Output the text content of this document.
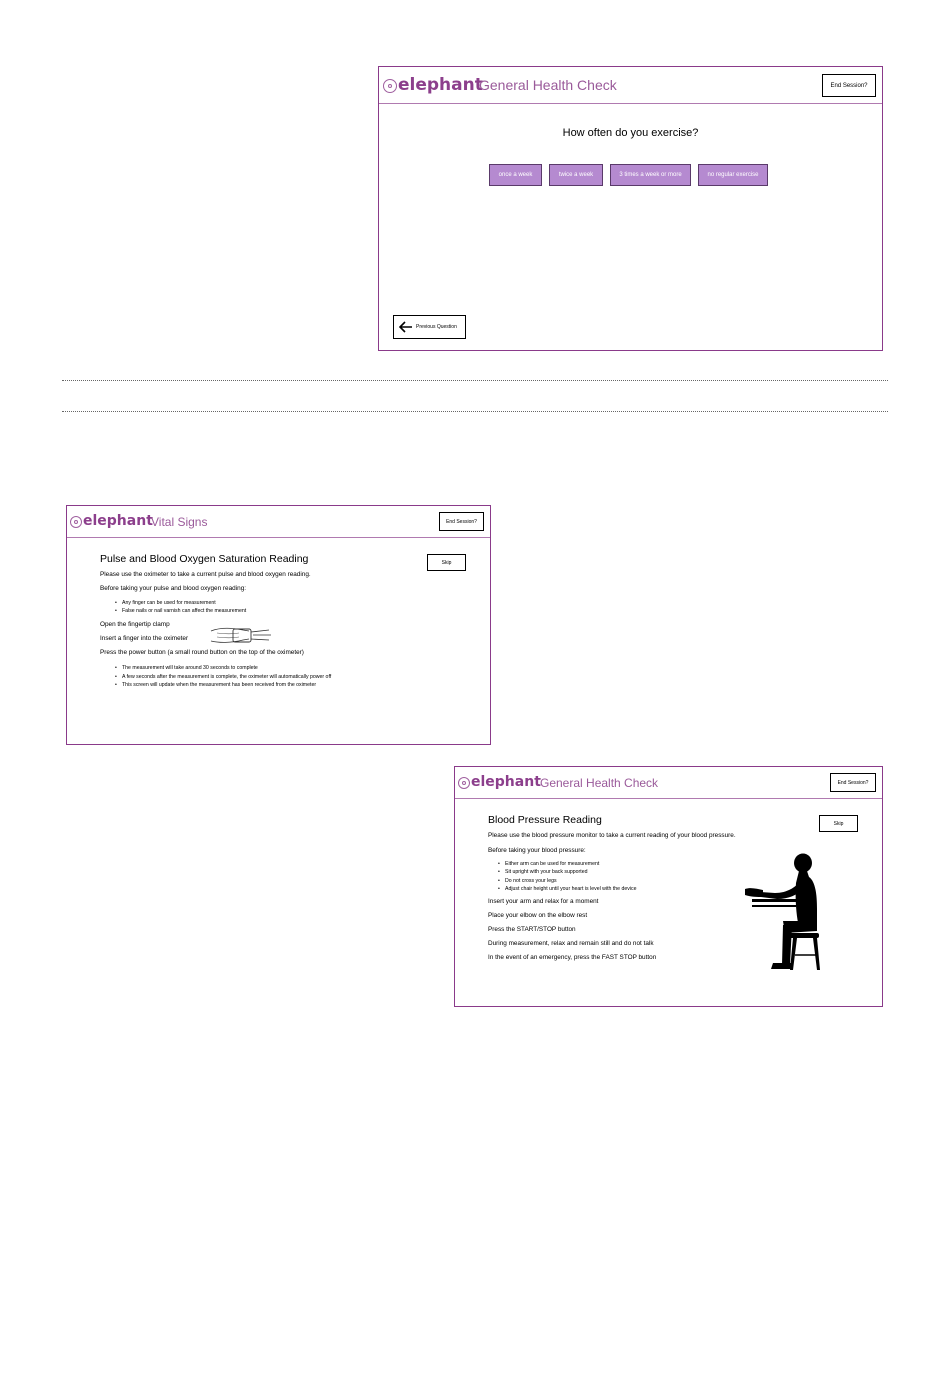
elephant
General Health Check	End Session?
How often do you exercise?
once a week	twice a week	3 times a week or more	no regular exercise
Previous Question
elephant
Vital Signs	End Session?
Pulse and Blood Oxygen Saturation Reading	Skip
Please use the oximeter to take a current pulse and blood oxygen reading.
Before taking your pulse and blood oxygen reading:
• Any finger can be used for measurement
• False nails or nail varnish can affect the measurement
Open the fingertip clamp
Insert a finger into the oximeter
Press the power button (a small round button on the top of the oximeter)
• The measurement will take around 30 seconds to complete
• A few seconds after the measurement is complete, the oximeter will automatically power off
• This screen will update when the measurement has been received from the oximeter
elephant General Health Check	End Session?
Blood Pressure Reading	Skip
Please use the blood pressure monitor to take a current reading of your blood pressure.
Before taking your blood pressure:
• Either arm can be used for measurement
• Sit upright with your back supported
• Do not cross your legs
• Adjust chair height until your heart is level with the device
Insert your arm and relax for a moment
Place your elbow on the elbow rest
Press the START/STOP button
During measurement, relax and remain still and do not talk
In the event of an emergency, press the FAST STOP button
